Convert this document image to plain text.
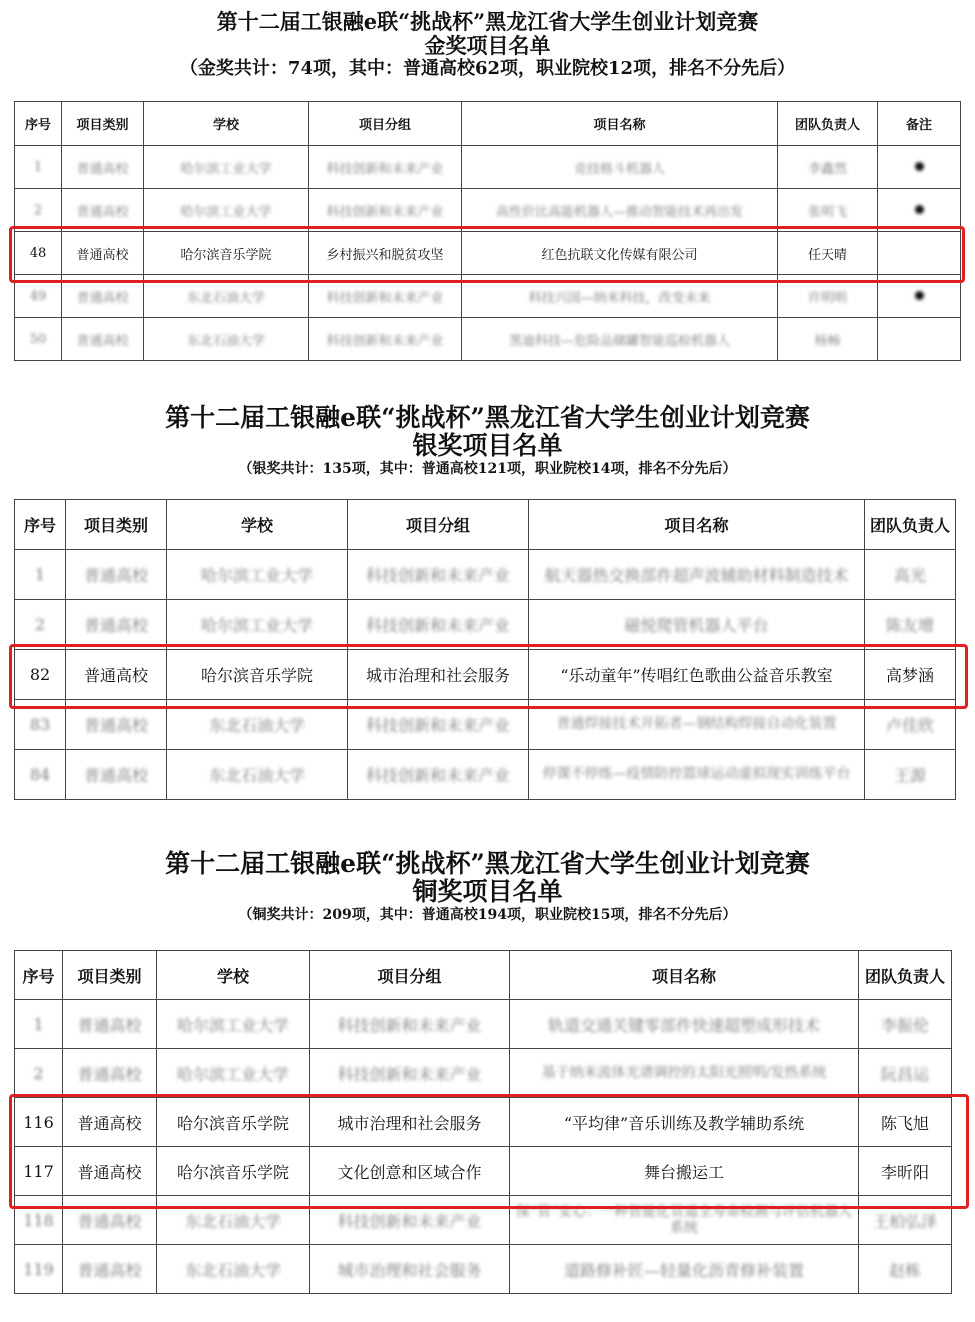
第十二届工银融e联“挑战杯”黑龙江省大学生创业计划竞赛
金奖项目名单
（金奖共计：74项，其中：普通高校62项，职业院校12项，排名不分先后）
序号	项目类别	学校	项目分组	项目名称	团队负责人	备注
1	普通高校	哈尔滨工业大学	科技创新和未来产业	竞技格斗机器人	李鑫然	
2	普通高校	哈尔滨工业大学	科技创新和未来产业	高性价比高能机器人—推动智能技术再出发	张明飞	
48	普通高校	哈尔滨音乐学院	乡村振兴和脱贫攻坚	红色抗联文化传媒有限公司	任天晴	
49	普通高校	东北石油大学	科技创新和未来产业	科技兴国—纳米科技，改变未来	许明明	
50	普通高校	东北石油大学	科技创新和未来产业	黑迪科技—危险品储罐智能巡检机器人	杨畅	
第十二届工银融e联“挑战杯”黑龙江省大学生创业计划竞赛
银奖项目名单
（银奖共计：135项，其中：普通高校121项，职业院校14项，排名不分先后）
序号	项目类别	学校	项目分组	项目名称	团队负责人
1	普通高校	哈尔滨工业大学	科技创新和未来产业	航天器热交换部件超声波辅助材料制造技术	高光
2	普通高校	哈尔滨工业大学	科技创新和未来产业	磁悦爬管机器人平台	陈友增
82	普通高校	哈尔滨音乐学院	城市治理和社会服务	“乐动童年”传唱红色歌曲公益音乐教室	高梦涵
83	普通高校	东北石油大学	科技创新和未来产业	普通焊接技术开拓者—钢结构焊接自动化装置	卢佳欣
84	普通高校	东北石油大学	科技创新和未来产业	停课不停练—疫情防控篮球运动虚拟现实训练平台	王源
第十二届工银融e联“挑战杯”黑龙江省大学生创业计划竞赛
铜奖项目名单
（铜奖共计：209项，其中：普通高校194项，职业院校15项，排名不分先后）
序号	项目类别	学校	项目分组	项目名称	团队负责人
1	普通高校	哈尔滨工业大学	科技创新和未来产业	轨道交通关键零部件快速超塑成形技术	李振伦
2	普通高校	哈尔滨工业大学	科技创新和未来产业	基于纳米流体光谱调控的太阳光照明/发热系统	阮昌运
116	普通高校	哈尔滨音乐学院	城市治理和社会服务	“平均律”音乐训练及教学辅助系统	陈飞旭
117	普通高校	哈尔滨音乐学院	文化创意和区域合作	舞台搬运工	李昕阳
118	普通高校	东北石油大学	科技创新和未来产业	保“管”安心：一种智能化管道全寿命检测与评估机器人系统	王柏弘泽
119	普通高校	东北石油大学	城市治理和社会服务	道路修补匠—轻量化沥青修补装置	赵栋
